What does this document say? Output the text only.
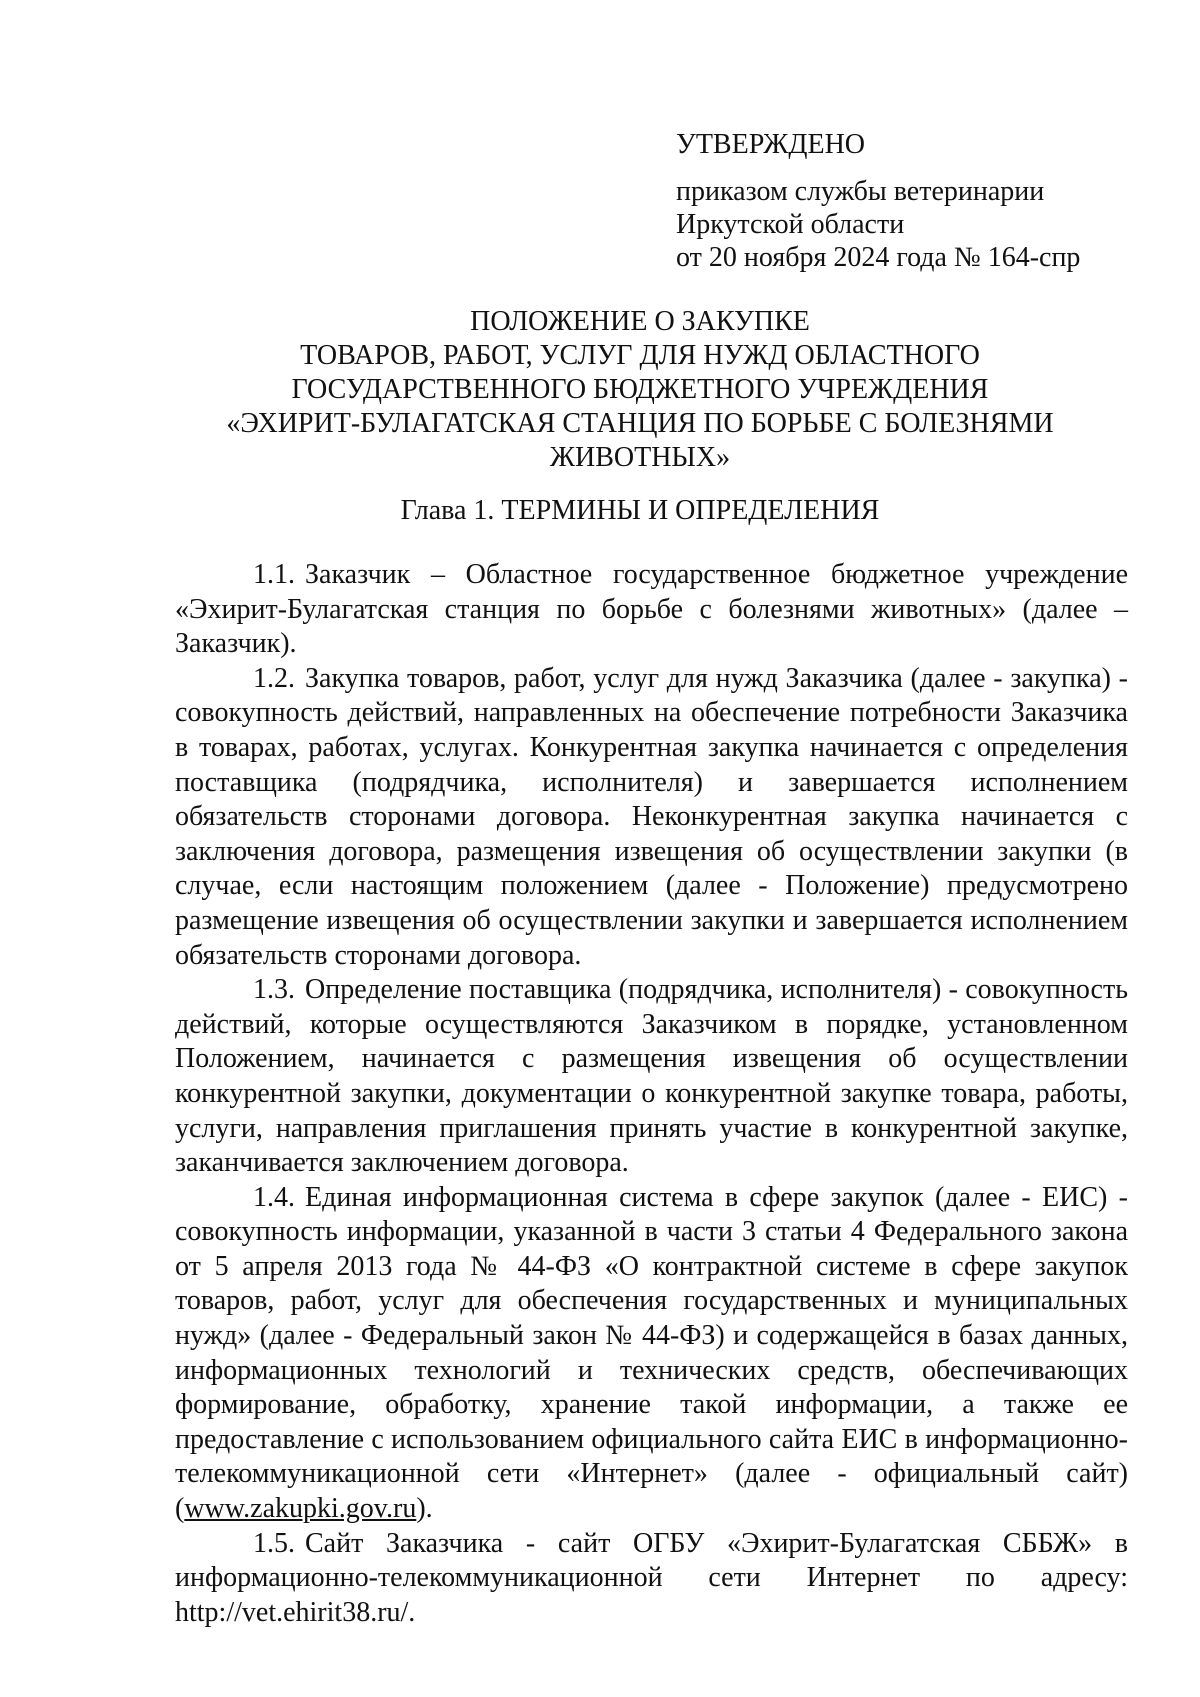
УТВЕРЖДЕНО
приказом службы ветеринарии
Иркутской области
от 20 ноября 2024 года № 164-спр
ПОЛОЖЕНИЕ О ЗАКУПКЕ
ТОВАРОВ, РАБОТ, УСЛУГ ДЛЯ НУЖД ОБЛАСТНОГО
ГОСУДАРСТВЕННОГО БЮДЖЕТНОГО УЧРЕЖДЕНИЯ
«ЭХИРИТ-БУЛАГАТСКАЯ СТАНЦИЯ ПО БОРЬБЕ С БОЛЕЗНЯМИ
ЖИВОТНЫХ»
Глава 1. ТЕРМИНЫ И ОПРЕДЕЛЕНИЯ

1.1. Заказчик – Областное государственное бюджетное учреждение «Эхирит-Булагатская станция по борьбе с болезнями животных» (далее – Заказчик).

1.2. Закупка товаров, работ, услуг для нужд Заказчика (далее - закупка) - совокупность действий, направленных на обеспечение потребности Заказчика в товарах, работах, услугах. Конкурентная закупка начинается с определения поставщика (подрядчика, исполнителя) и завершается исполнением обязательств сторонами договора. Неконкурентная закупка начинается с заключения договора, размещения извещения об осуществлении закупки (в случае, если настоящим положением (далее - Положение) предусмотрено размещение извещения об осуществлении закупки и завершается исполнением обязательств сторонами договора.

1.3. Определение поставщика (подрядчика, исполнителя) - совокупность действий, которые осуществляются Заказчиком в порядке, установленном Положением, начинается с размещения извещения об осуществлении конкурентной закупки, документации о конкурентной закупке товара, работы, услуги, направления приглашения принять участие в конкурентной закупке, заканчивается заключением договора.

1.4. Единая информационная система в сфере закупок (далее - ЕИС) - совокупность информации, указанной в части 3 статьи 4 Федерального закона от 5 апреля 2013 года № 44-ФЗ «О контрактной системе в сфере закупок товаров, работ, услуг для обеспечения государственных и муниципальных нужд» (далее - Федеральный закон № 44-ФЗ) и содержащейся в базах данных, информационных технологий и технических средств, обеспечивающих формирование, обработку, хранение такой информации, а также ее предоставление с использованием официального сайта ЕИС в информационно-телекоммуникационной сети «Интернет» (далее - официальный сайт) (www.zakupki.gov.ru).

1.5. Сайт Заказчика - сайт ОГБУ «Эхирит-Булагатская СББЖ» в информационно-телекоммуникационной сети Интернет по адресу: http://vet.ehirit38.ru/.
